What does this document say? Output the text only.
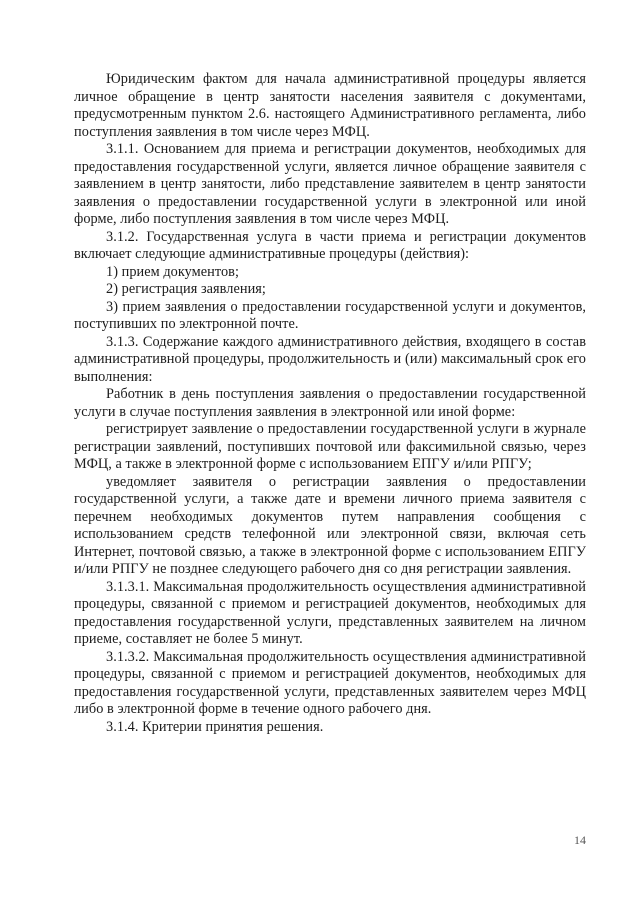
Юридическим фактом для начала административной процедуры является личное обращение в центр занятости населения заявителя с документами, предусмотренным пунктом 2.6. настоящего Административного регламента, либо поступления заявления в том числе через МФЦ.

3.1.1. Основанием для приема и регистрации документов, необходимых для предоставления государственной услуги, является личное обращение заявителя с заявлением в центр занятости, либо представление заявителем в центр занятости заявления о предоставлении государственной услуги в электронной или иной форме, либо поступления заявления в том числе через МФЦ.

3.1.2. Государственная услуга в части приема и регистрации документов включает следующие административные процедуры (действия):

1) прием документов;

2) регистрация заявления;

3) прием заявления о предоставлении государственной услуги и документов, поступивших по электронной почте.

3.1.3. Содержание каждого административного действия, входящего в состав административной процедуры, продолжительность и (или) максимальный срок его выполнения:

Работник в день поступления заявления о предоставлении государственной услуги в случае поступления заявления в электронной или иной форме:

регистрирует заявление о предоставлении государственной услуги в журнале регистрации заявлений, поступивших почтовой или факсимильной связью, через МФЦ, а также в электронной форме с использованием ЕПГУ и/или РПГУ;

уведомляет заявителя о регистрации заявления о предоставлении государственной услуги, а также дате и времени личного приема заявителя с перечнем необходимых документов путем направления сообщения с использованием средств телефонной или электронной связи, включая сеть Интернет, почтовой связью, а также в электронной форме с использованием ЕПГУ и/или РПГУ не позднее следующего рабочего дня со дня регистрации заявления.

3.1.3.1. Максимальная продолжительность осуществления административной процедуры, связанной с приемом и регистрацией документов, необходимых для предоставления государственной услуги, представленных заявителем на личном приеме, составляет не более 5 минут.

3.1.3.2. Максимальная продолжительность осуществления административной процедуры, связанной с приемом и регистрацией документов, необходимых для предоставления государственной услуги, представленных заявителем через МФЦ либо в электронной форме в течение одного рабочего дня.

3.1.4. Критерии принятия решения.

14
